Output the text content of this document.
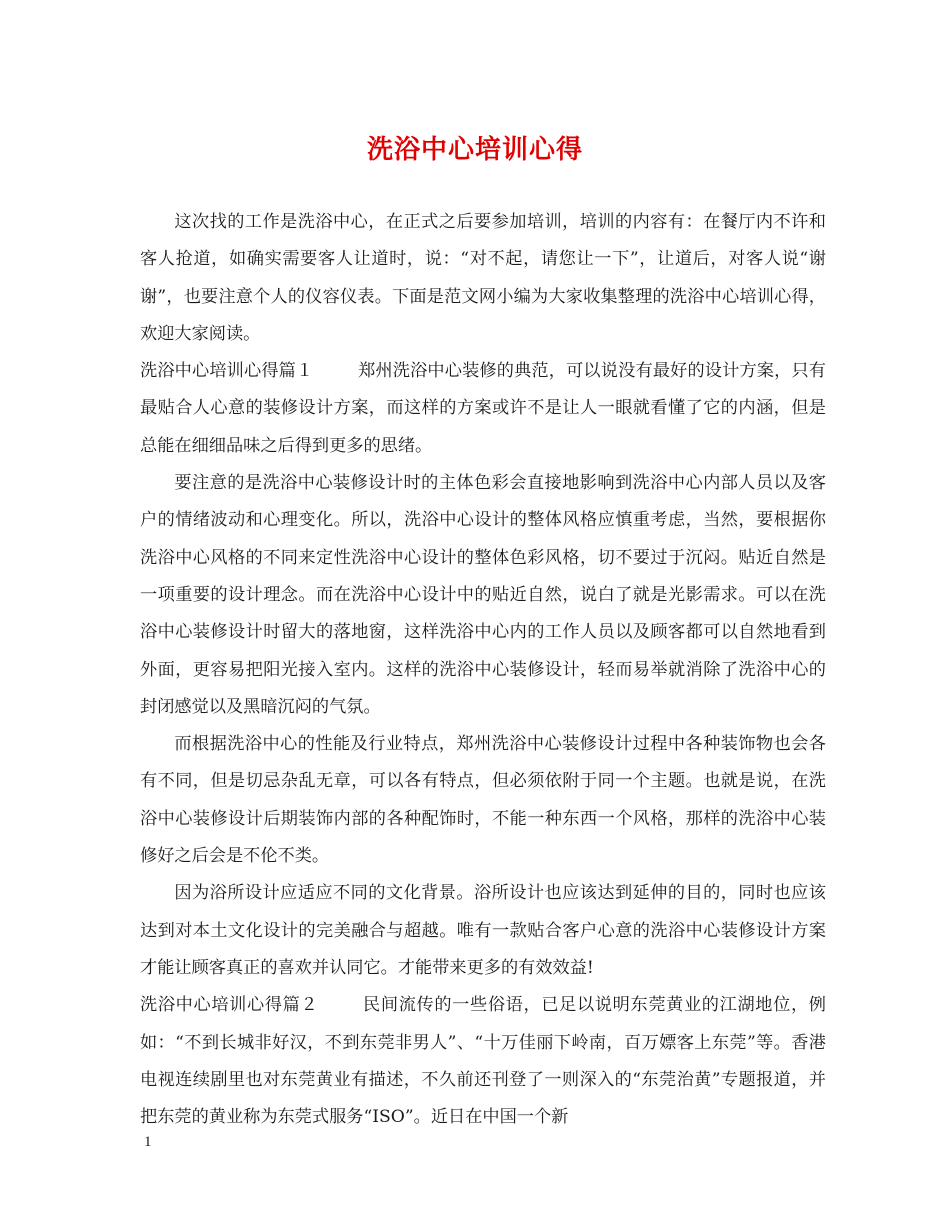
洗浴中心培训心得

这次找的工作是洗浴中心，在正式之后要参加培训，培训的内容有：在餐厅内不许和客人抢道，如确实需要客人让道时，说：“对不起，请您让一下”，让道后，对客人说“谢谢”，也要注意个人的仪容仪表。下面是范文网小编为大家收集整理的洗浴中心培训心得，欢迎大家阅读。

洗浴中心培训心得篇１	郑州洗浴中心装修的典范，可以说没有最好的设计方案，只有最贴合人心意的装修设计方案，而这样的方案或许不是让人一眼就看懂了它的内涵，但是总能在细细品味之后得到更多的思绪。

要注意的是洗浴中心装修设计时的主体色彩会直接地影响到洗浴中心内部人员以及客户的情绪波动和心理变化。所以，洗浴中心设计的整体风格应慎重考虑，当然，要根据你洗浴中心风格的不同来定性洗浴中心设计的整体色彩风格，切不要过于沉闷。贴近自然是一项重要的设计理念。而在洗浴中心设计中的贴近自然，说白了就是光影需求。可以在洗浴中心装修设计时留大的落地窗，这样洗浴中心内的工作人员以及顾客都可以自然地看到外面，更容易把阳光接入室内。这样的洗浴中心装修设计，轻而易举就消除了洗浴中心的封闭感觉以及黑暗沉闷的气氛。

而根据洗浴中心的性能及行业特点，郑州洗浴中心装修设计过程中各种装饰物也会各有不同，但是切忌杂乱无章，可以各有特点，但必须依附于同一个主题。也就是说，在洗浴中心装修设计后期装饰内部的各种配饰时，不能一种东西一个风格，那样的洗浴中心装修好之后会是不伦不类。

因为浴所设计应适应不同的文化背景。浴所设计也应该达到延伸的目的，同时也应该达到对本土文化设计的完美融合与超越。唯有一款贴合客户心意的洗浴中心装修设计方案才能让顾客真正的喜欢并认同它。才能带来更多的有效效益!

洗浴中心培训心得篇２	民间流传的一些俗语，已足以说明东莞黄业的江湖地位，例如：“不到长城非好汉，不到东莞非男人”、“十万佳丽下岭南，百万嫖客上东莞”等。香港电视连续剧里也对东莞黄业有描述，不久前还刊登了一则深入的“东莞治黄”专题报道，并把东莞的黄业称为东莞式服务“ISO”。近日在中国一个新

1
